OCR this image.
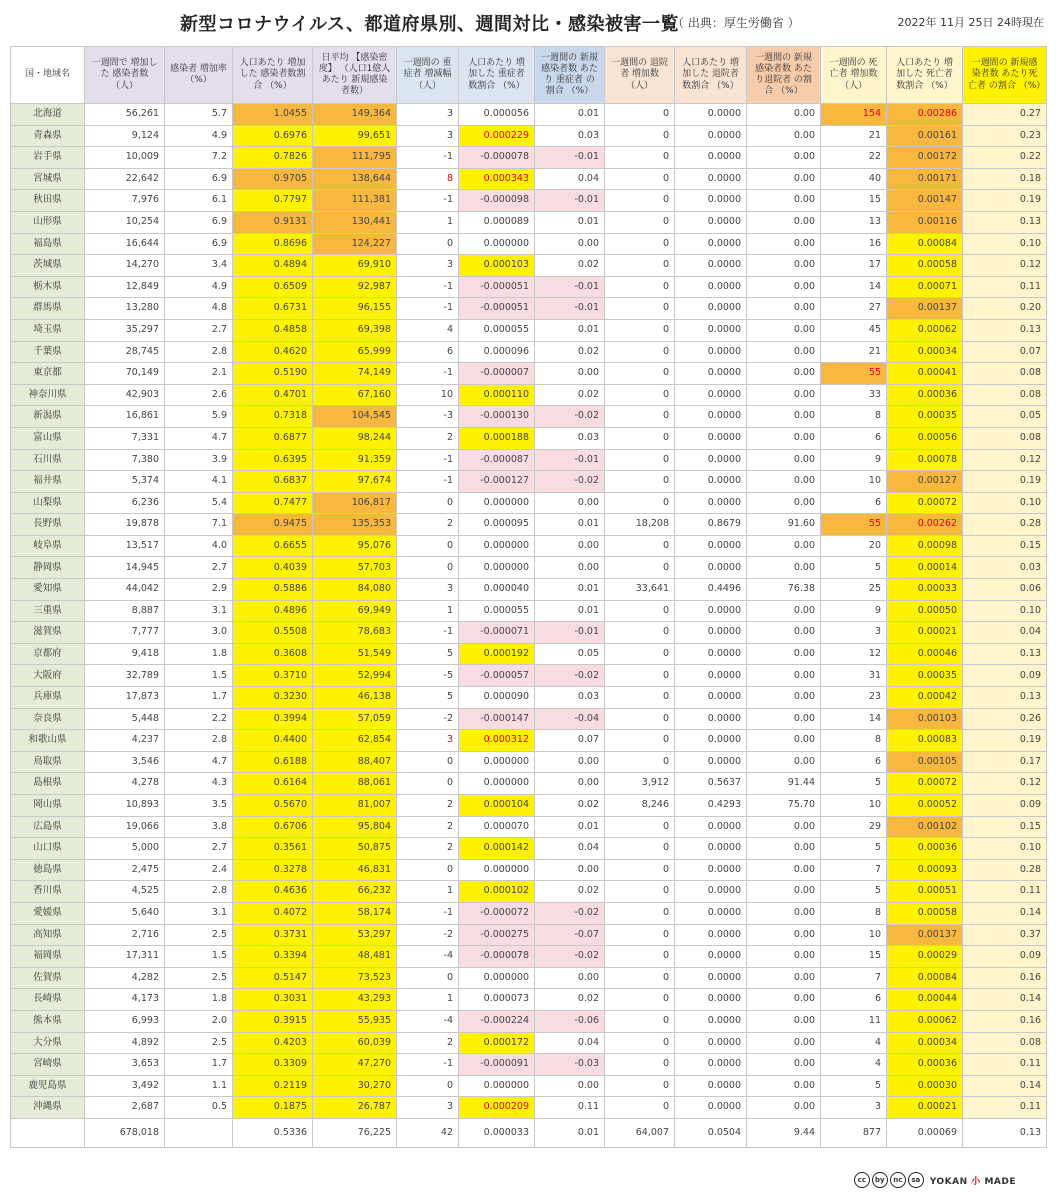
新型コロナウイルス、都道府県別、週間対比・感染被害一覧
（ 出典：厚生労働省 ）	2022年 11月 25日 24時現在
国・地域名	一週間で 増加した 感染者数 （人）	感染者 増加率 （%）	人口あたり 増加した 感染者数割合 （%）	日平均 【感染密度】 （人口1億人あたり 新規感染者数）	一週間の 重症者 増減幅 （人）	人口あたり 増加した 重症者数割合 （%）	一週間の 新規感染者数 あたり 重症者 の割合 （%）	一週間の 退院者 増加数 （人）	人口あたり 増加した 退院者数割合 （%）	一週間の 新規感染者数 あたり退院者 の割合 （%）	一週間の 死亡者 増加数 （人）	人口あたり 増加した 死亡者数割合 （%）	一週間の 新規感染者数 あたり死亡者 の割合 （%）
北海道	56,261	5.7	1.0455	149,364	3	0.000056	0.01	0	0.0000	0.00	154	0.00286	0.27
青森県	9,124	4.9	0.6976	99,651	3	0.000229	0.03	0	0.0000	0.00	21	0.00161	0.23
岩手県	10,009	7.2	0.7826	111,795	-1	-0.000078	-0.01	0	0.0000	0.00	22	0.00172	0.22
宮城県	22,642	6.9	0.9705	138,644	8	0.000343	0.04	0	0.0000	0.00	40	0.00171	0.18
秋田県	7,976	6.1	0.7797	111,381	-1	-0.000098	-0.01	0	0.0000	0.00	15	0.00147	0.19
山形県	10,254	6.9	0.9131	130,441	1	0.000089	0.01	0	0.0000	0.00	13	0.00116	0.13
福島県	16,644	6.9	0.8696	124,227	0	0.000000	0.00	0	0.0000	0.00	16	0.00084	0.10
茨城県	14,270	3.4	0.4894	69,910	3	0.000103	0.02	0	0.0000	0.00	17	0.00058	0.12
栃木県	12,849	4.9	0.6509	92,987	-1	-0.000051	-0.01	0	0.0000	0.00	14	0.00071	0.11
群馬県	13,280	4.8	0.6731	96,155	-1	-0.000051	-0.01	0	0.0000	0.00	27	0.00137	0.20
埼玉県	35,297	2.7	0.4858	69,398	4	0.000055	0.01	0	0.0000	0.00	45	0.00062	0.13
千葉県	28,745	2.8	0.4620	65,999	6	0.000096	0.02	0	0.0000	0.00	21	0.00034	0.07
東京都	70,149	2.1	0.5190	74,149	-1	-0.000007	0.00	0	0.0000	0.00	55	0.00041	0.08
神奈川県	42,903	2.6	0.4701	67,160	10	0.000110	0.02	0	0.0000	0.00	33	0.00036	0.08
新潟県	16,861	5.9	0.7318	104,545	-3	-0.000130	-0.02	0	0.0000	0.00	8	0.00035	0.05
富山県	7,331	4.7	0.6877	98,244	2	0.000188	0.03	0	0.0000	0.00	6	0.00056	0.08
石川県	7,380	3.9	0.6395	91,359	-1	-0.000087	-0.01	0	0.0000	0.00	9	0.00078	0.12
福井県	5,374	4.1	0.6837	97,674	-1	-0.000127	-0.02	0	0.0000	0.00	10	0.00127	0.19
山梨県	6,236	5.4	0.7477	106,817	0	0.000000	0.00	0	0.0000	0.00	6	0.00072	0.10
長野県	19,878	7.1	0.9475	135,353	2	0.000095	0.01	18,208	0.8679	91.60	55	0.00262	0.28
岐阜県	13,517	4.0	0.6655	95,076	0	0.000000	0.00	0	0.0000	0.00	20	0.00098	0.15
静岡県	14,945	2.7	0.4039	57,703	0	0.000000	0.00	0	0.0000	0.00	5	0.00014	0.03
愛知県	44,042	2.9	0.5886	84,080	3	0.000040	0.01	33,641	0.4496	76.38	25	0.00033	0.06
三重県	8,887	3.1	0.4896	69,949	1	0.000055	0.01	0	0.0000	0.00	9	0.00050	0.10
滋賀県	7,777	3.0	0.5508	78,683	-1	-0.000071	-0.01	0	0.0000	0.00	3	0.00021	0.04
京都府	9,418	1.8	0.3608	51,549	5	0.000192	0.05	0	0.0000	0.00	12	0.00046	0.13
大阪府	32,789	1.5	0.3710	52,994	-5	-0.000057	-0.02	0	0.0000	0.00	31	0.00035	0.09
兵庫県	17,873	1.7	0.3230	46,138	5	0.000090	0.03	0	0.0000	0.00	23	0.00042	0.13
奈良県	5,448	2.2	0.3994	57,059	-2	-0.000147	-0.04	0	0.0000	0.00	14	0.00103	0.26
和歌山県	4,237	2.8	0.4400	62,854	3	0.000312	0.07	0	0.0000	0.00	8	0.00083	0.19
鳥取県	3,546	4.7	0.6188	88,407	0	0.000000	0.00	0	0.0000	0.00	6	0.00105	0.17
島根県	4,278	4.3	0.6164	88,061	0	0.000000	0.00	3,912	0.5637	91.44	5	0.00072	0.12
岡山県	10,893	3.5	0.5670	81,007	2	0.000104	0.02	8,246	0.4293	75.70	10	0.00052	0.09
広島県	19,066	3.8	0.6706	95,804	2	0.000070	0.01	0	0.0000	0.00	29	0.00102	0.15
山口県	5,000	2.7	0.3561	50,875	2	0.000142	0.04	0	0.0000	0.00	5	0.00036	0.10
徳島県	2,475	2.4	0.3278	46,831	0	0.000000	0.00	0	0.0000	0.00	7	0.00093	0.28
香川県	4,525	2.8	0.4636	66,232	1	0.000102	0.02	0	0.0000	0.00	5	0.00051	0.11
愛媛県	5,640	3.1	0.4072	58,174	-1	-0.000072	-0.02	0	0.0000	0.00	8	0.00058	0.14
高知県	2,716	2.5	0.3731	53,297	-2	-0.000275	-0.07	0	0.0000	0.00	10	0.00137	0.37
福岡県	17,311	1.5	0.3394	48,481	-4	-0.000078	-0.02	0	0.0000	0.00	15	0.00029	0.09
佐賀県	4,282	2.5	0.5147	73,523	0	0.000000	0.00	0	0.0000	0.00	7	0.00084	0.16
長崎県	4,173	1.8	0.3031	43,293	1	0.000073	0.02	0	0.0000	0.00	6	0.00044	0.14
熊本県	6,993	2.0	0.3915	55,935	-4	-0.000224	-0.06	0	0.0000	0.00	11	0.00062	0.16
大分県	4,892	2.5	0.4203	60,039	2	0.000172	0.04	0	0.0000	0.00	4	0.00034	0.08
宮崎県	3,653	1.7	0.3309	47,270	-1	-0.000091	-0.03	0	0.0000	0.00	4	0.00036	0.11
鹿児島県	3,492	1.1	0.2119	30,270	0	0.000000	0.00	0	0.0000	0.00	5	0.00030	0.14
沖縄県	2,687	0.5	0.1875	26,787	3	0.000209	0.11	0	0.0000	0.00	3	0.00021	0.11
	678,018		0.5336	76,225	42	0.000033	0.01	64,007	0.0504	9.44	877	0.00069	0.13
cc	by	nc	sa	YOKAN 小 MADE
